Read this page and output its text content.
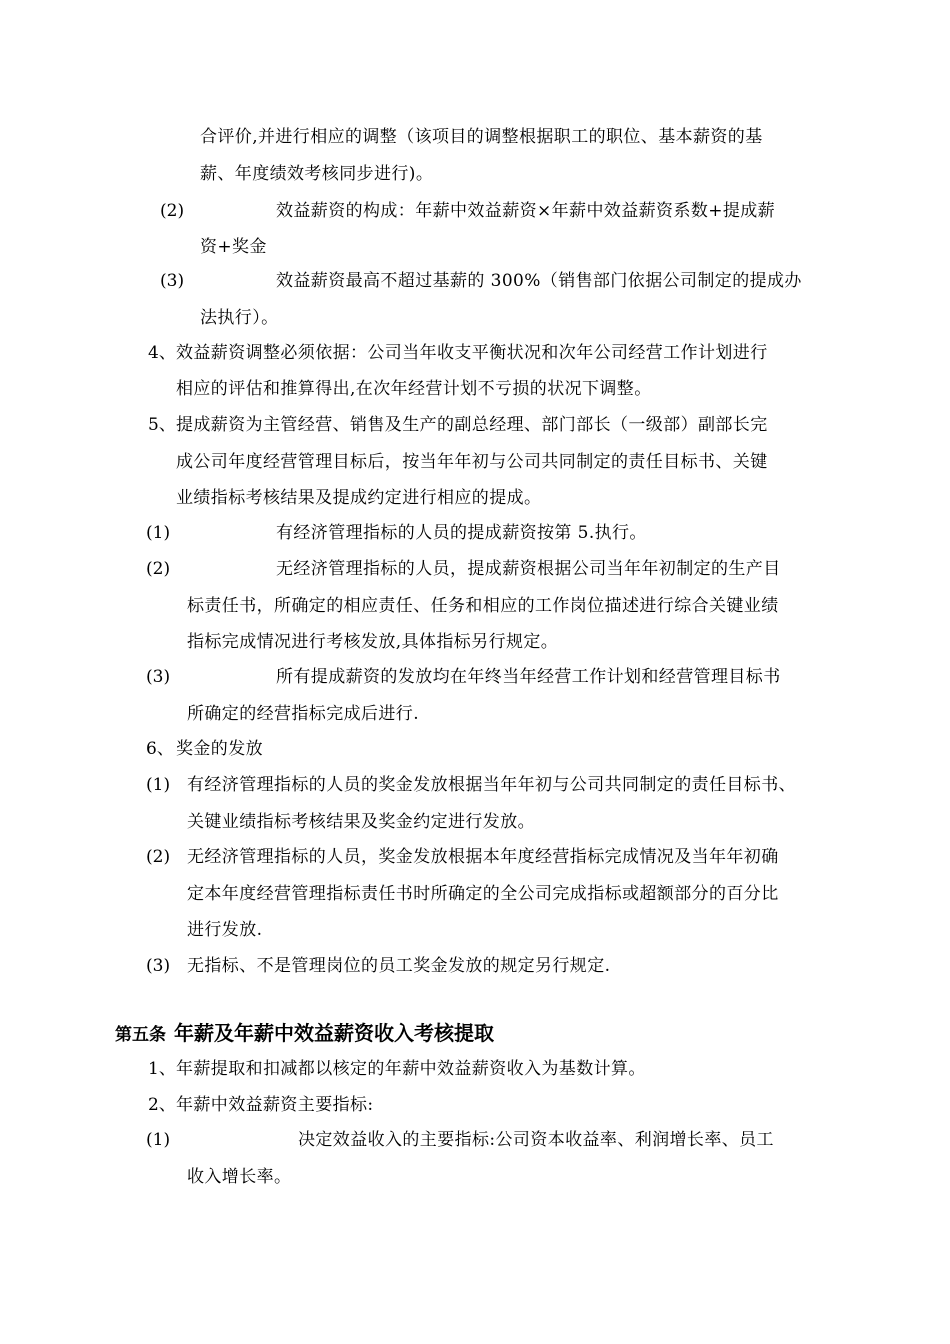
合评价,并进行相应的调整（该项目的调整根据职工的职位、基本薪资的基
薪、年度绩效考核同步进行)。
(2)	效益薪资的构成：年薪中效益薪资×年薪中效益薪资系数+提成薪
资+奖金
(3)	效益薪资最高不超过基薪的 300%（销售部门依据公司制定的提成办
法执行）。
4、 效益薪资调整必须依据：公司当年收支平衡状况和次年公司经营工作计划进行
相应的评估和推算得出,在次年经营计划不亏损的状况下调整。
5、 提成薪资为主管经营、销售及生产的副总经理、部门部长（一级部）副部长完
成公司年度经营管理目标后，按当年年初与公司共同制定的责任目标书、关键
业绩指标考核结果及提成约定进行相应的提成。
(1)	有经济管理指标的人员的提成薪资按第 5.执行。
(2)	无经济管理指标的人员，提成薪资根据公司当年年初制定的生产目
标责任书，所确定的相应责任、任务和相应的工作岗位描述进行综合关键业绩
指标完成情况进行考核发放,具体指标另行规定。
(3)	所有提成薪资的发放均在年终当年经营工作计划和经营管理目标书
所确定的经营指标完成后进行.
6、 奖金的发放
(1) 有经济管理指标的人员的奖金发放根据当年年初与公司共同制定的责任目标书、
关键业绩指标考核结果及奖金约定进行发放。
(2) 无经济管理指标的人员，奖金发放根据本年度经营指标完成情况及当年年初确
定本年度经营管理指标责任书时所确定的全公司完成指标或超额部分的百分比
进行发放.
(3) 无指标、不是管理岗位的员工奖金发放的规定另行规定.
第五条 年薪及年薪中效益薪资收入考核提取
1、 年薪提取和扣减都以核定的年薪中效益薪资收入为基数计算。
2、 年薪中效益薪资主要指标:
(1)	决定效益收入的主要指标:公司资本收益率、利润增长率、员工
收入增长率。
